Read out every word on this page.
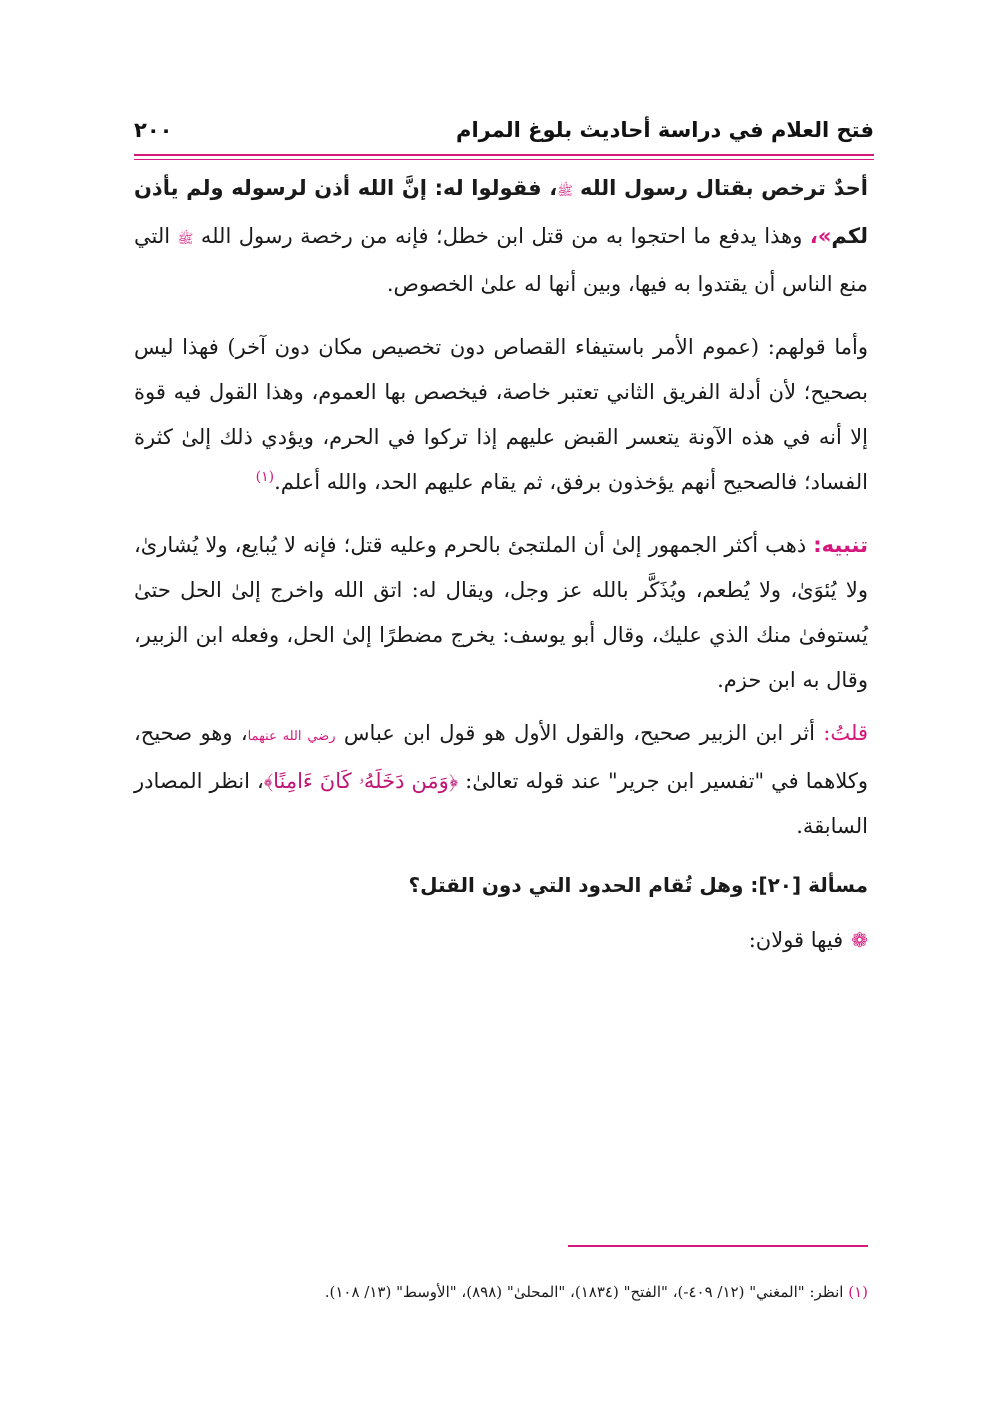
فتح العلام في دراسة أحاديث بلوغ المرام
٢٠٠

أحدٌ ترخص بقتال رسول الله ﷺ، فقولوا له: إنَّ الله أذن لرسوله ولم يأذن لكم»، وهذا يدفع ما احتجوا به من قتل ابن خطل؛ فإنه من رخصة رسول الله ﷺ التي منع الناس أن يقتدوا به فيها، وبين أنها له علىٰ الخصوص.

وأما قولهم: (عموم الأمر باستيفاء القصاص دون تخصيص مكان دون آخر) فهذا ليس بصحيح؛ لأن أدلة الفريق الثاني تعتبر خاصة، فيخصص بها العموم، وهذا القول فيه قوة إلا أنه في هذه الآونة يتعسر القبض عليهم إذا تركوا في الحرم، ويؤدي ذلك إلىٰ كثرة الفساد؛ فالصحيح أنهم يؤخذون برفق، ثم يقام عليهم الحد، والله أعلم.$^{(١)}$

تنبيه: ذهب أكثر الجمهور إلىٰ أن الملتجئ بالحرم وعليه قتل؛ فإنه لا يُبايع، ولا يُشارىٰ، ولا يُئوَىٰ، ولا يُطعم، ويُذَكَّر بالله عز وجل، ويقال له: اتق الله واخرج إلىٰ الحل حتىٰ يُستوفىٰ منك الذي عليك، وقال أبو يوسف: يخرج مضطرًا إلىٰ الحل، وفعله ابن الزبير، وقال به ابن حزم.

قلتُ: أثر ابن الزبير صحيح، والقول الأول هو قول ابن عباس رضي الله عنهما، وهو صحيح، وكلاهما في "تفسير ابن جرير" عند قوله تعالىٰ: ﴿وَمَن دَخَلَهُۥ كَانَ ءَامِنًا﴾، انظر المصادر السابقة.

مسألة [٢٠]: وهل تُقام الحدود التي دون القتل؟

❁فيها قولان:

(١) انظر: "المغني" (١٢/ ٤٠٩-)، "الفتح" (١٨٣٤)، "المحلىٰ" (٨٩٨)، "الأوسط" (١٣/ ١٠٨).
